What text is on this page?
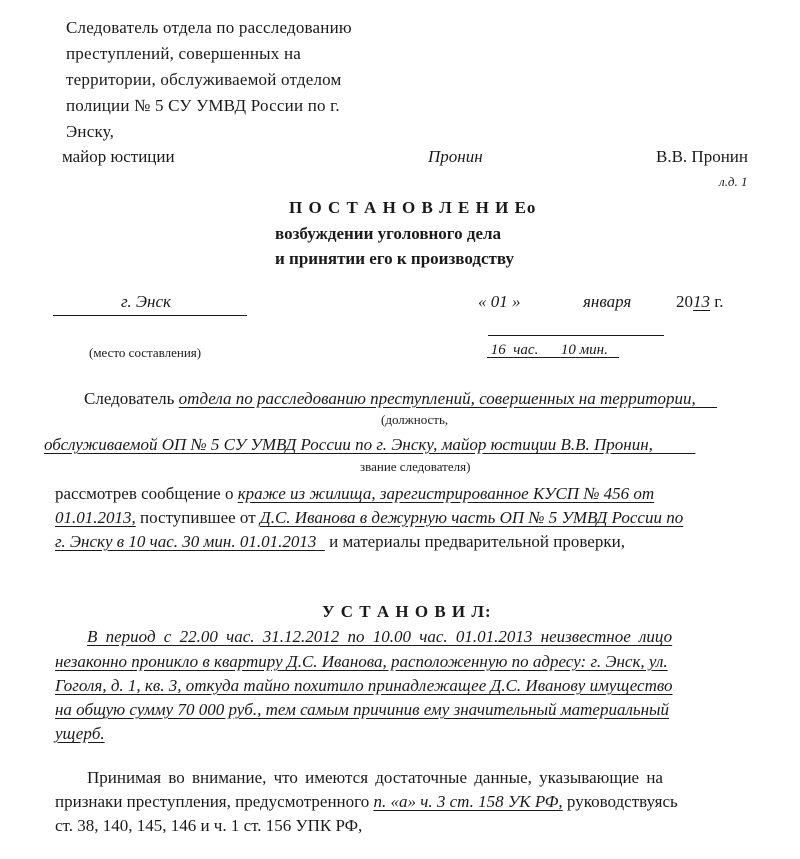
Следователь отдела по расследованию
преступлений, совершенных на
территории, обслуживаемой отделом
полиции № 5 СУ УМВД России по г.
Энску,
майор юстиции	Пронин	В.В. Пронин
л.д. 1
П О С Т А Н О В Л Е Н И Ео
возбуждении уголовного дела
и принятии его к производству
г. Энск
(место составления)
« 01 »	января	2013 г.
16 час. 10 мин.
Следователь отдела по расследованию преступлений, совершенных на территории,
(должность,
обслуживаемой ОП № 5 СУ УМВД России по г. Энску, майор юстиции В.В. Пронин,
звание следователя)
рассмотрев сообщение о краже из жилища, зарегистрированное КУСП № 456 от
01.01.2013, поступившее от Д.С. Иванова в дежурную часть ОП № 5 УМВД России по
г. Энску в 10 час. 30 мин. 01.01.2013 и материалы предварительной проверки,
У С Т А Н О В И Л:
В период с 22.00 час. 31.12.2012 по 10.00 час. 01.01.2013 неизвестное лицо
незаконно проникло в квартиру Д.С. Иванова, расположенную по адресу: г. Энск, ул.
Гоголя, д. 1, кв. 3, откуда тайно похитило принадлежащее Д.С. Иванову имущество
на общую сумму 70 000 руб., тем самым причинив ему значительный материальный
ущерб.
Принимая во внимание, что имеются достаточные данные, указывающие на
признаки преступления, предусмотренного п. «а» ч. 3 ст. 158 УК РФ, руководствуясь
ст. 38, 140, 145, 146 и ч. 1 ст. 156 УПК РФ,
